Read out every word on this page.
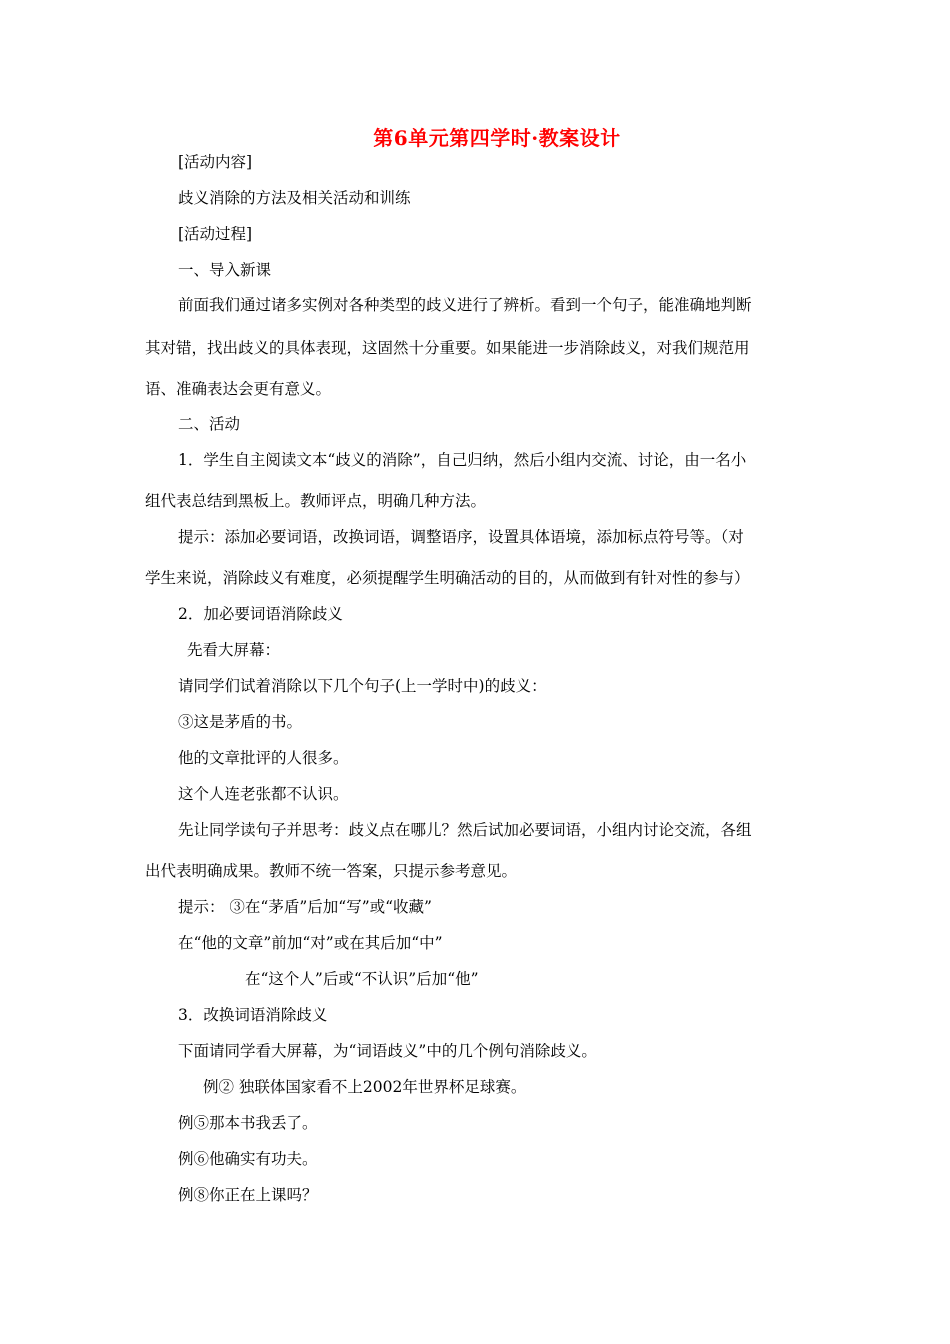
第6单元第四学时·教案设计
[活动内容]
歧义消除的方法及相关活动和训练
[活动过程]
一、导入新课
前面我们通过诸多实例对各种类型的歧义进行了辨析。看到一个句子，能准确地判断
其对错，找出歧义的具体表现，这固然十分重要。如果能进一步消除歧义，对我们规范用
语、准确表达会更有意义。
二、活动
1．学生自主阅读文本“歧义的消除”，自己归纳，然后小组内交流、讨论，由一名小
组代表总结到黑板上。教师评点，明确几种方法。
提示：添加必要词语，改换词语，调整语序，设置具体语境，添加标点符号等。（对
学生来说，消除歧义有难度，必须提醒学生明确活动的目的，从而做到有针对性的参与）
2．加必要词语消除歧义
先看大屏幕：
请同学们试着消除以下几个句子(上一学时中)的歧义：
③这是茅盾的书。
他的文章批评的人很多。
这个人连老张都不认识。
先让同学读句子并思考：歧义点在哪儿？然后试加必要词语，小组内讨论交流，各组
出代表明确成果。教师不统一答案，只提示参考意见。
提示： ③在“茅盾”后加“写”或“收藏”
在“他的文章”前加“对”或在其后加“中”
在“这个人”后或“不认识”后加“他”
3．改换词语消除歧义
下面请同学看大屏幕，为“词语歧义”中的几个例句消除歧义。
例② 独联体国家看不上2002年世界杯足球赛。
例⑤那本书我丢了。
例⑥他确实有功夫。
例⑧你正在上课吗？
